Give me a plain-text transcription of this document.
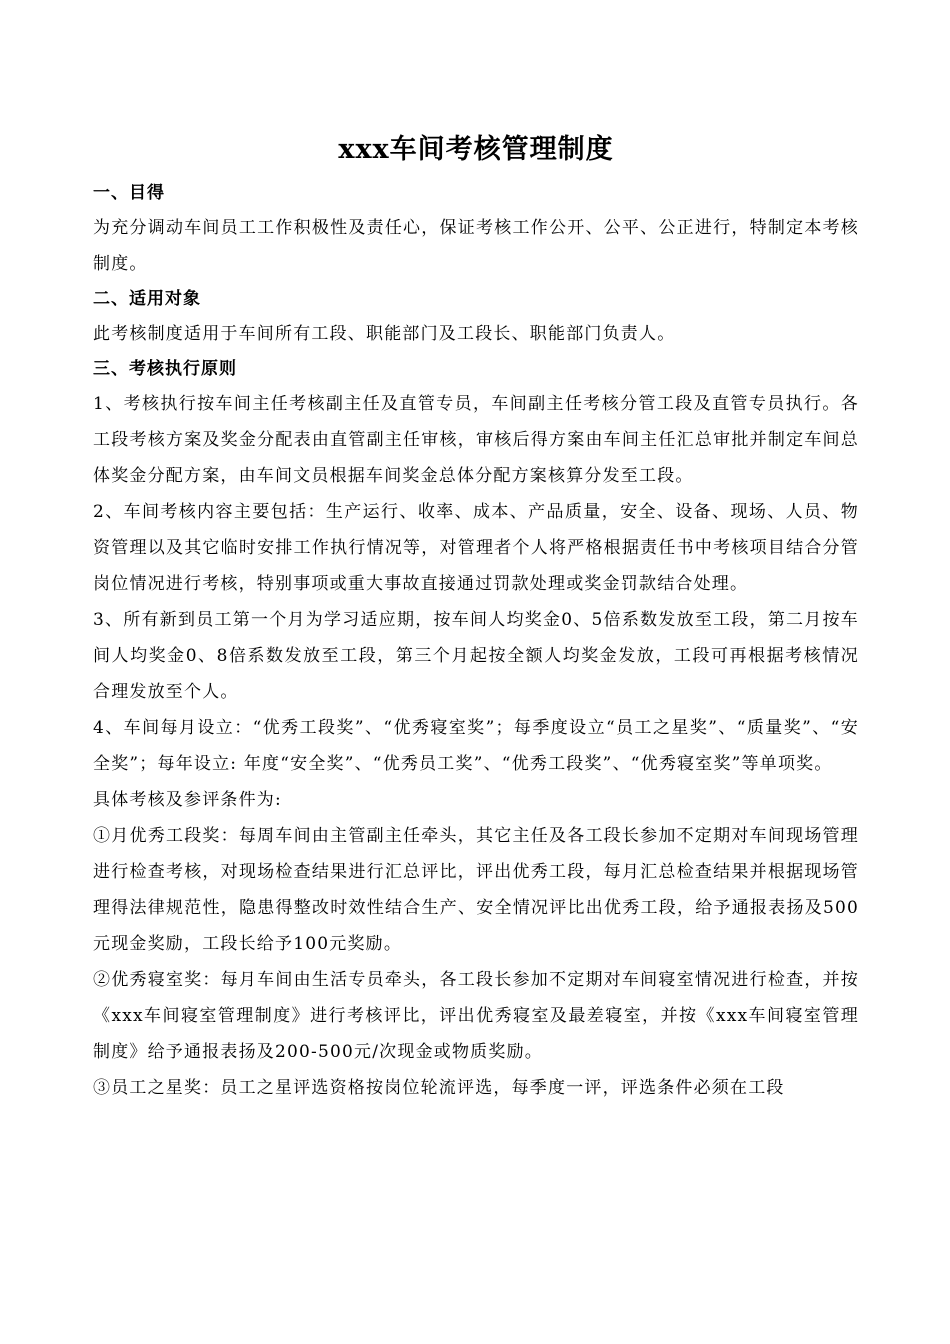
xxx车间考核管理制度

一、目得

为充分调动车间员工工作积极性及责任心，保证考核工作公开、公平、公正进行，特制定本考核制度。

二、适用对象

此考核制度适用于车间所有工段、职能部门及工段长、职能部门负责人。

三、考核执行原则

1、考核执行按车间主任考核副主任及直管专员，车间副主任考核分管工段及直管专员执行。各工段考核方案及奖金分配表由直管副主任审核，审核后得方案由车间主任汇总审批并制定车间总体奖金分配方案，由车间文员根据车间奖金总体分配方案核算分发至工段。

2、车间考核内容主要包括：生产运行、收率、成本、产品质量，安全、设备、现场、人员、物资管理以及其它临时安排工作执行情况等，对管理者个人将严格根据责任书中考核项目结合分管岗位情况进行考核，特别事项或重大事故直接通过罚款处理或奖金罚款结合处理。

3、所有新到员工第一个月为学习适应期，按车间人均奖金0、5倍系数发放至工段，第二月按车间人均奖金0、8倍系数发放至工段，第三个月起按全额人均奖金发放，工段可再根据考核情况合理发放至个人。

4、车间每月设立：“优秀工段奖”、“优秀寝室奖”；每季度设立“员工之星奖”、“质量奖”、“安全奖”；每年设立: 年度“安全奖”、“优秀员工奖”、“优秀工段奖”、“优秀寝室奖”等单项奖。

具体考核及参评条件为:

①月优秀工段奖：每周车间由主管副主任牵头，其它主任及各工段长参加不定期对车间现场管理进行检查考核，对现场检查结果进行汇总评比，评出优秀工段，每月汇总检查结果并根据现场管理得法律规范性，隐患得整改时效性结合生产、安全情况评比出优秀工段，给予通报表扬及500元现金奖励，工段长给予100元奖励。

②优秀寝室奖：每月车间由生活专员牵头，各工段长参加不定期对车间寝室情况进行检查，并按《xxx车间寝室管理制度》进行考核评比，评出优秀寝室及最差寝室，并按《xxx车间寝室管理制度》给予通报表扬及200-500元/次现金或物质奖励。

③员工之星奖：员工之星评选资格按岗位轮流评选，每季度一评，评选条件必须在工段
